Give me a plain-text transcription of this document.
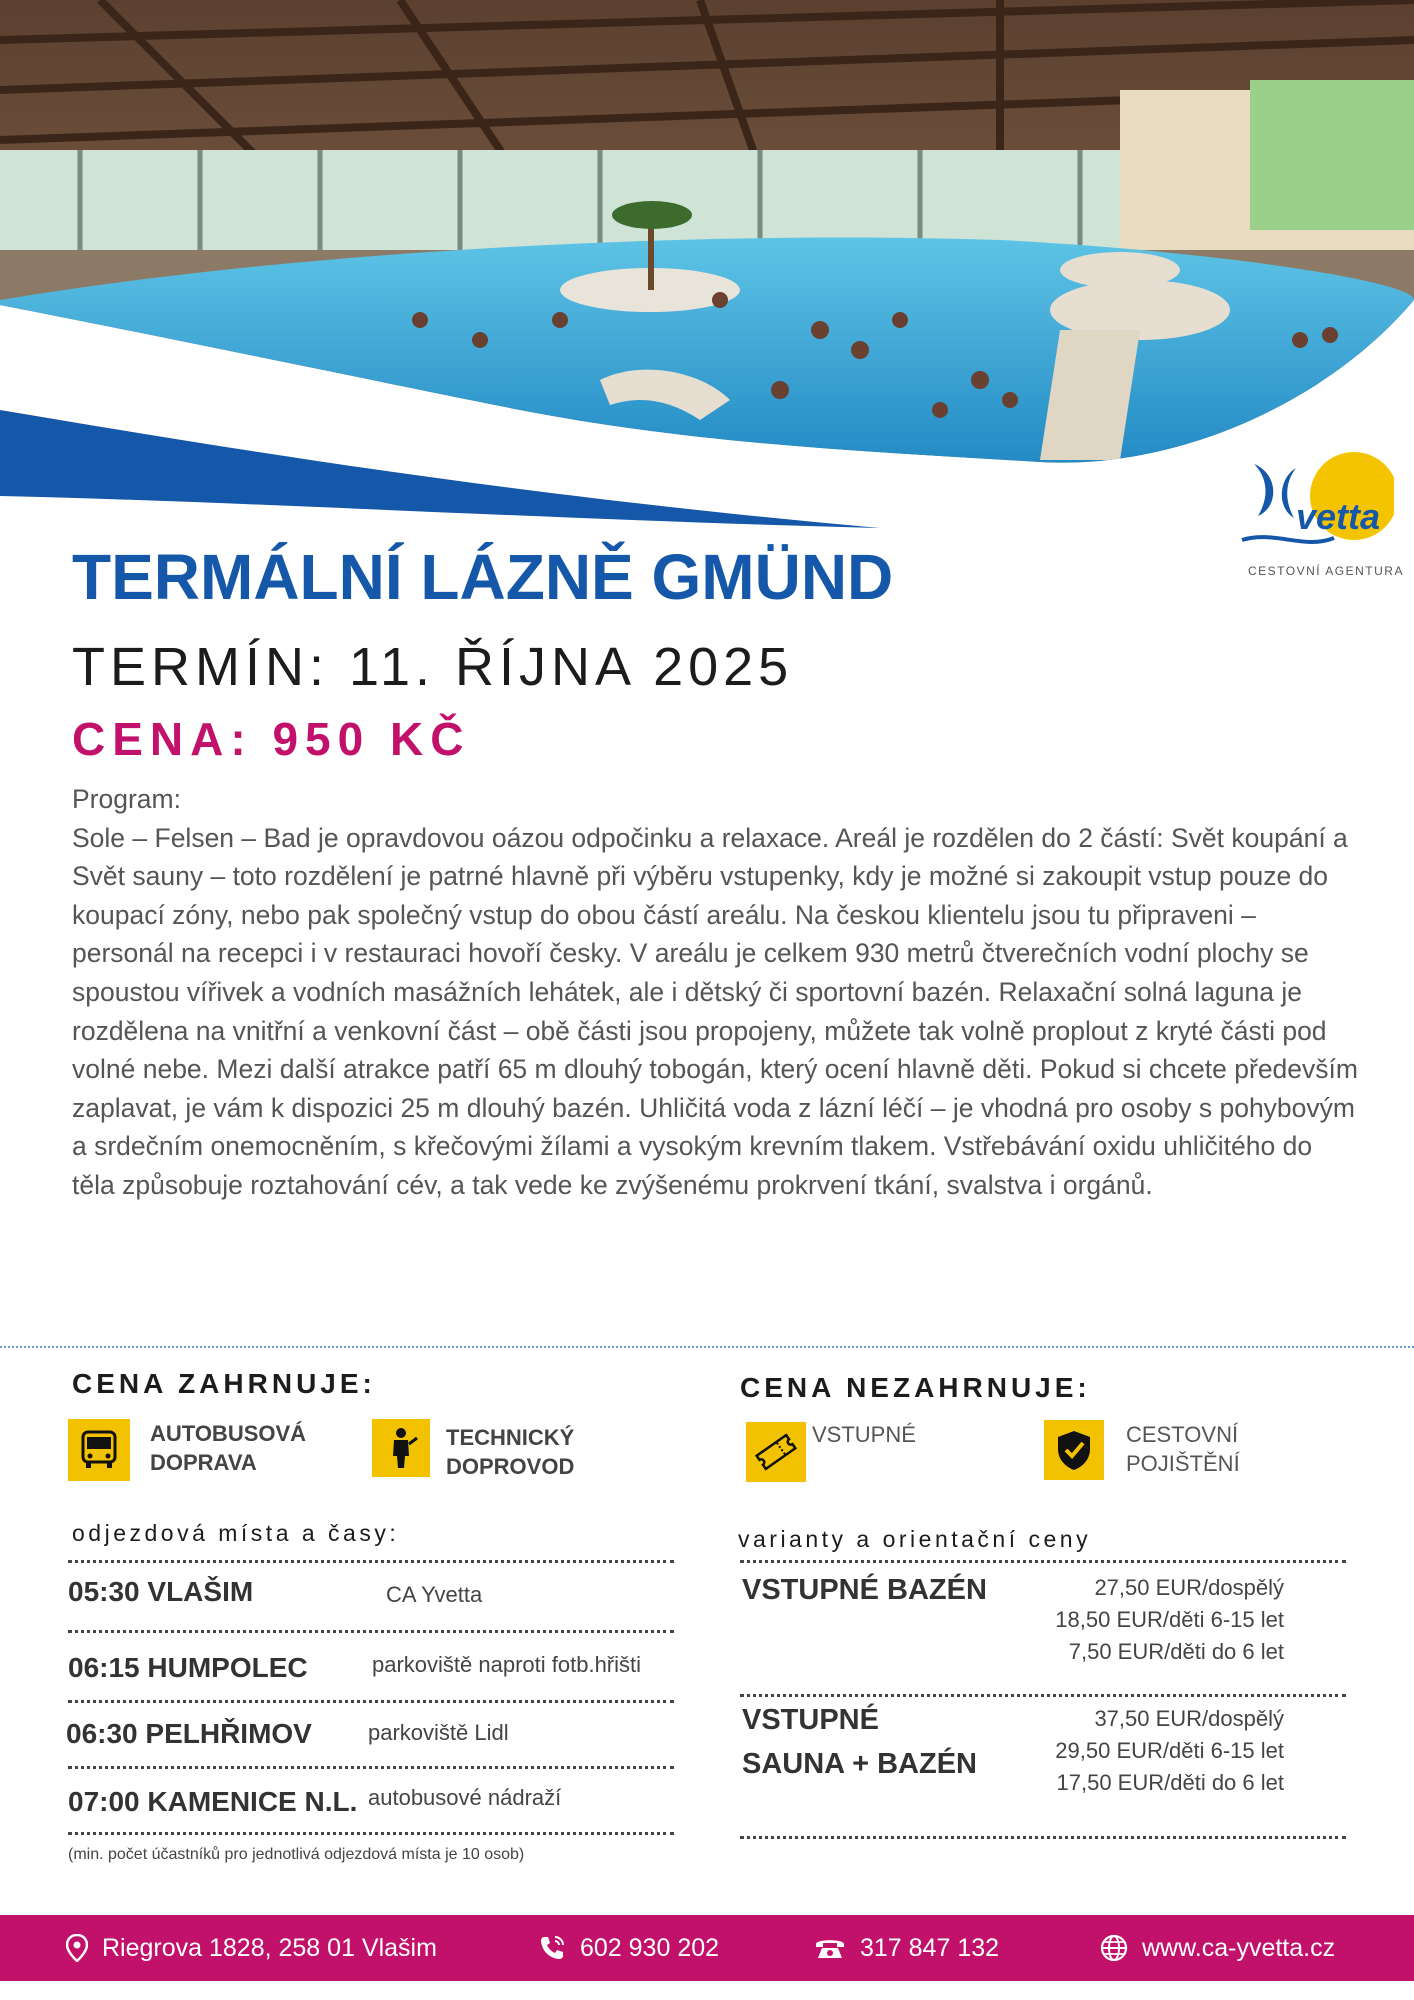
vetta
CESTOVNÍ AGENTURA
TERMÁLNÍ LÁZNĚ GMÜND
TERMÍN: 11. ŘÍJNA 2025
CENA: 950 KČ

Program:

Sole – Felsen – Bad je opravdovou oázou odpočinku a relaxace. Areál je rozdělen do 2 částí: Svět koupání a Svět sauny – toto rozdělení je patrné hlavně při výběru vstupenky, kdy je možné si zakoupit vstup pouze do koupací zóny, nebo pak společný vstup do obou částí areálu. Na českou klientelu jsou tu připraveni – personál na recepci i v restauraci hovoří česky. V areálu je celkem 930 metrů čtverečních vodní plochy se spoustou vířivek a vodních masážních lehátek, ale i dětský či sportovní bazén. Relaxační solná laguna je rozdělena na vnitřní a venkovní část – obě části jsou propojeny, můžete tak volně proplout z kryté části pod volné nebe. Mezi další atrakce patří 65 m dlouhý tobogán, který ocení hlavně děti. Pokud si chcete především zaplavat, je vám k dispozici 25 m dlouhý bazén. Uhličitá voda z lázní léčí – je vhodná pro osoby s pohybovým a srdečním onemocněním, s křečovými žílami a vysokým krevním tlakem. Vstřebávání oxidu uhličitého do těla způsobuje roztahování cév, a tak vede ke zvýšenému prokrvení tkání, svalstva i orgánů.

CENA ZAHRNUJE:
AUTOBUSOVÁ
DOPRAVA
TECHNICKÝ
DOPROVOD
CENA NEZAHRNUJE:
VSTUPNÉ	CESTOVNÍ
POJIŠTĚNÍ
odjezdová místa a časy:
05:30 VLAŠIM	CA Yvetta
06:15 HUMPOLEC	parkoviště naproti fotb.hřišti
06:30 PELHŘIMOV	parkoviště Lidl
07:00 KAMENICE N.L. autobusové nádraží
(min. počet účastníků pro jednotlivá odjezdová místa je 10 osob)
varianty a orientační ceny
VSTUPNÉ BAZÉN	27,50 EUR/dospělý
18,50 EUR/děti 6-15 let
7,50 EUR/děti do 6 let
VSTUPNÉ
SAUNA + BAZÉN
37,50 EUR/dospělý
29,50 EUR/děti 6-15 let
17,50 EUR/děti do 6 let
Riegrova 1828, 258 01 Vlašim	602 930 202	317 847 132	www.ca-yvetta.cz
